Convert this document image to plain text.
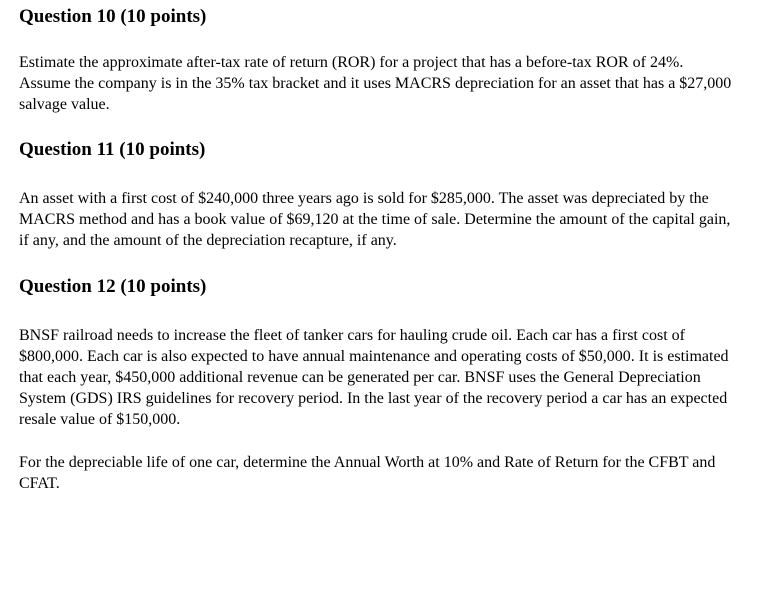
Question 10 (10 points)

Estimate the approximate after-tax rate of return (ROR) for a project that has a before-tax ROR of 24%. Assume the company is in the 35% tax bracket and it uses MACRS depreciation for an asset that has a $27,000 salvage value.

Question 11 (10 points)

An asset with a first cost of $240,000 three years ago is sold for $285,000. The asset was depreciated by the MACRS method and has a book value of $69,120 at the time of sale. Determine the amount of the capital gain, if any, and the amount of the depreciation recapture, if any.

Question 12 (10 points)

BNSF railroad needs to increase the fleet of tanker cars for hauling crude oil. Each car has a first cost of $800,000. Each car is also expected to have annual maintenance and operating costs of $50,000. It is estimated that each year, $450,000 additional revenue can be generated per car. BNSF uses the General Depreciation System (GDS) IRS guidelines for recovery period. In the last year of the recovery period a car has an expected resale value of $150,000.

For the depreciable life of one car, determine the Annual Worth at 10% and Rate of Return for the CFBT and CFAT.
